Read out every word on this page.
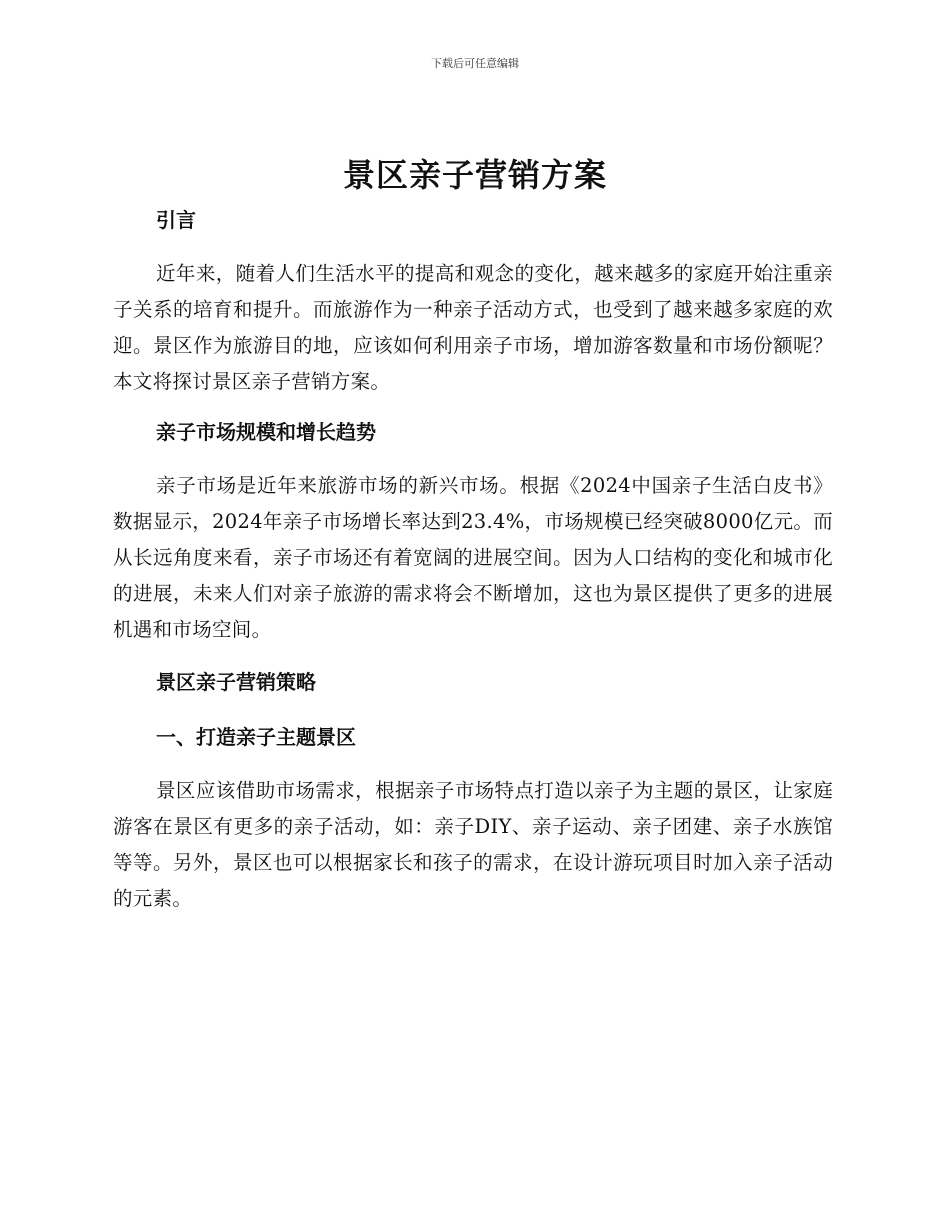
下载后可任意编辑
景区亲子营销方案
引言

近年来，随着人们生活水平的提高和观念的变化，越来越多的家庭开始注重亲子关系的培育和提升。而旅游作为一种亲子活动方式，也受到了越来越多家庭的欢迎。景区作为旅游目的地，应该如何利用亲子市场，增加游客数量和市场份额呢？本文将探讨景区亲子营销方案。

亲子市场规模和增长趋势

亲子市场是近年来旅游市场的新兴市场。根据《2024中国亲子生活白皮书》数据显示，2024年亲子市场增长率达到23.4%，市场规模已经突破8000亿元。而从长远角度来看，亲子市场还有着宽阔的进展空间。因为人口结构的变化和城市化的进展，未来人们对亲子旅游的需求将会不断增加，这也为景区提供了更多的进展机遇和市场空间。

景区亲子营销策略
一、打造亲子主题景区

景区应该借助市场需求，根据亲子市场特点打造以亲子为主题的景区，让家庭游客在景区有更多的亲子活动，如：亲子DIY、亲子运动、亲子团建、亲子水族馆等等。另外，景区也可以根据家长和孩子的需求，在设计游玩项目时加入亲子活动的元素。
